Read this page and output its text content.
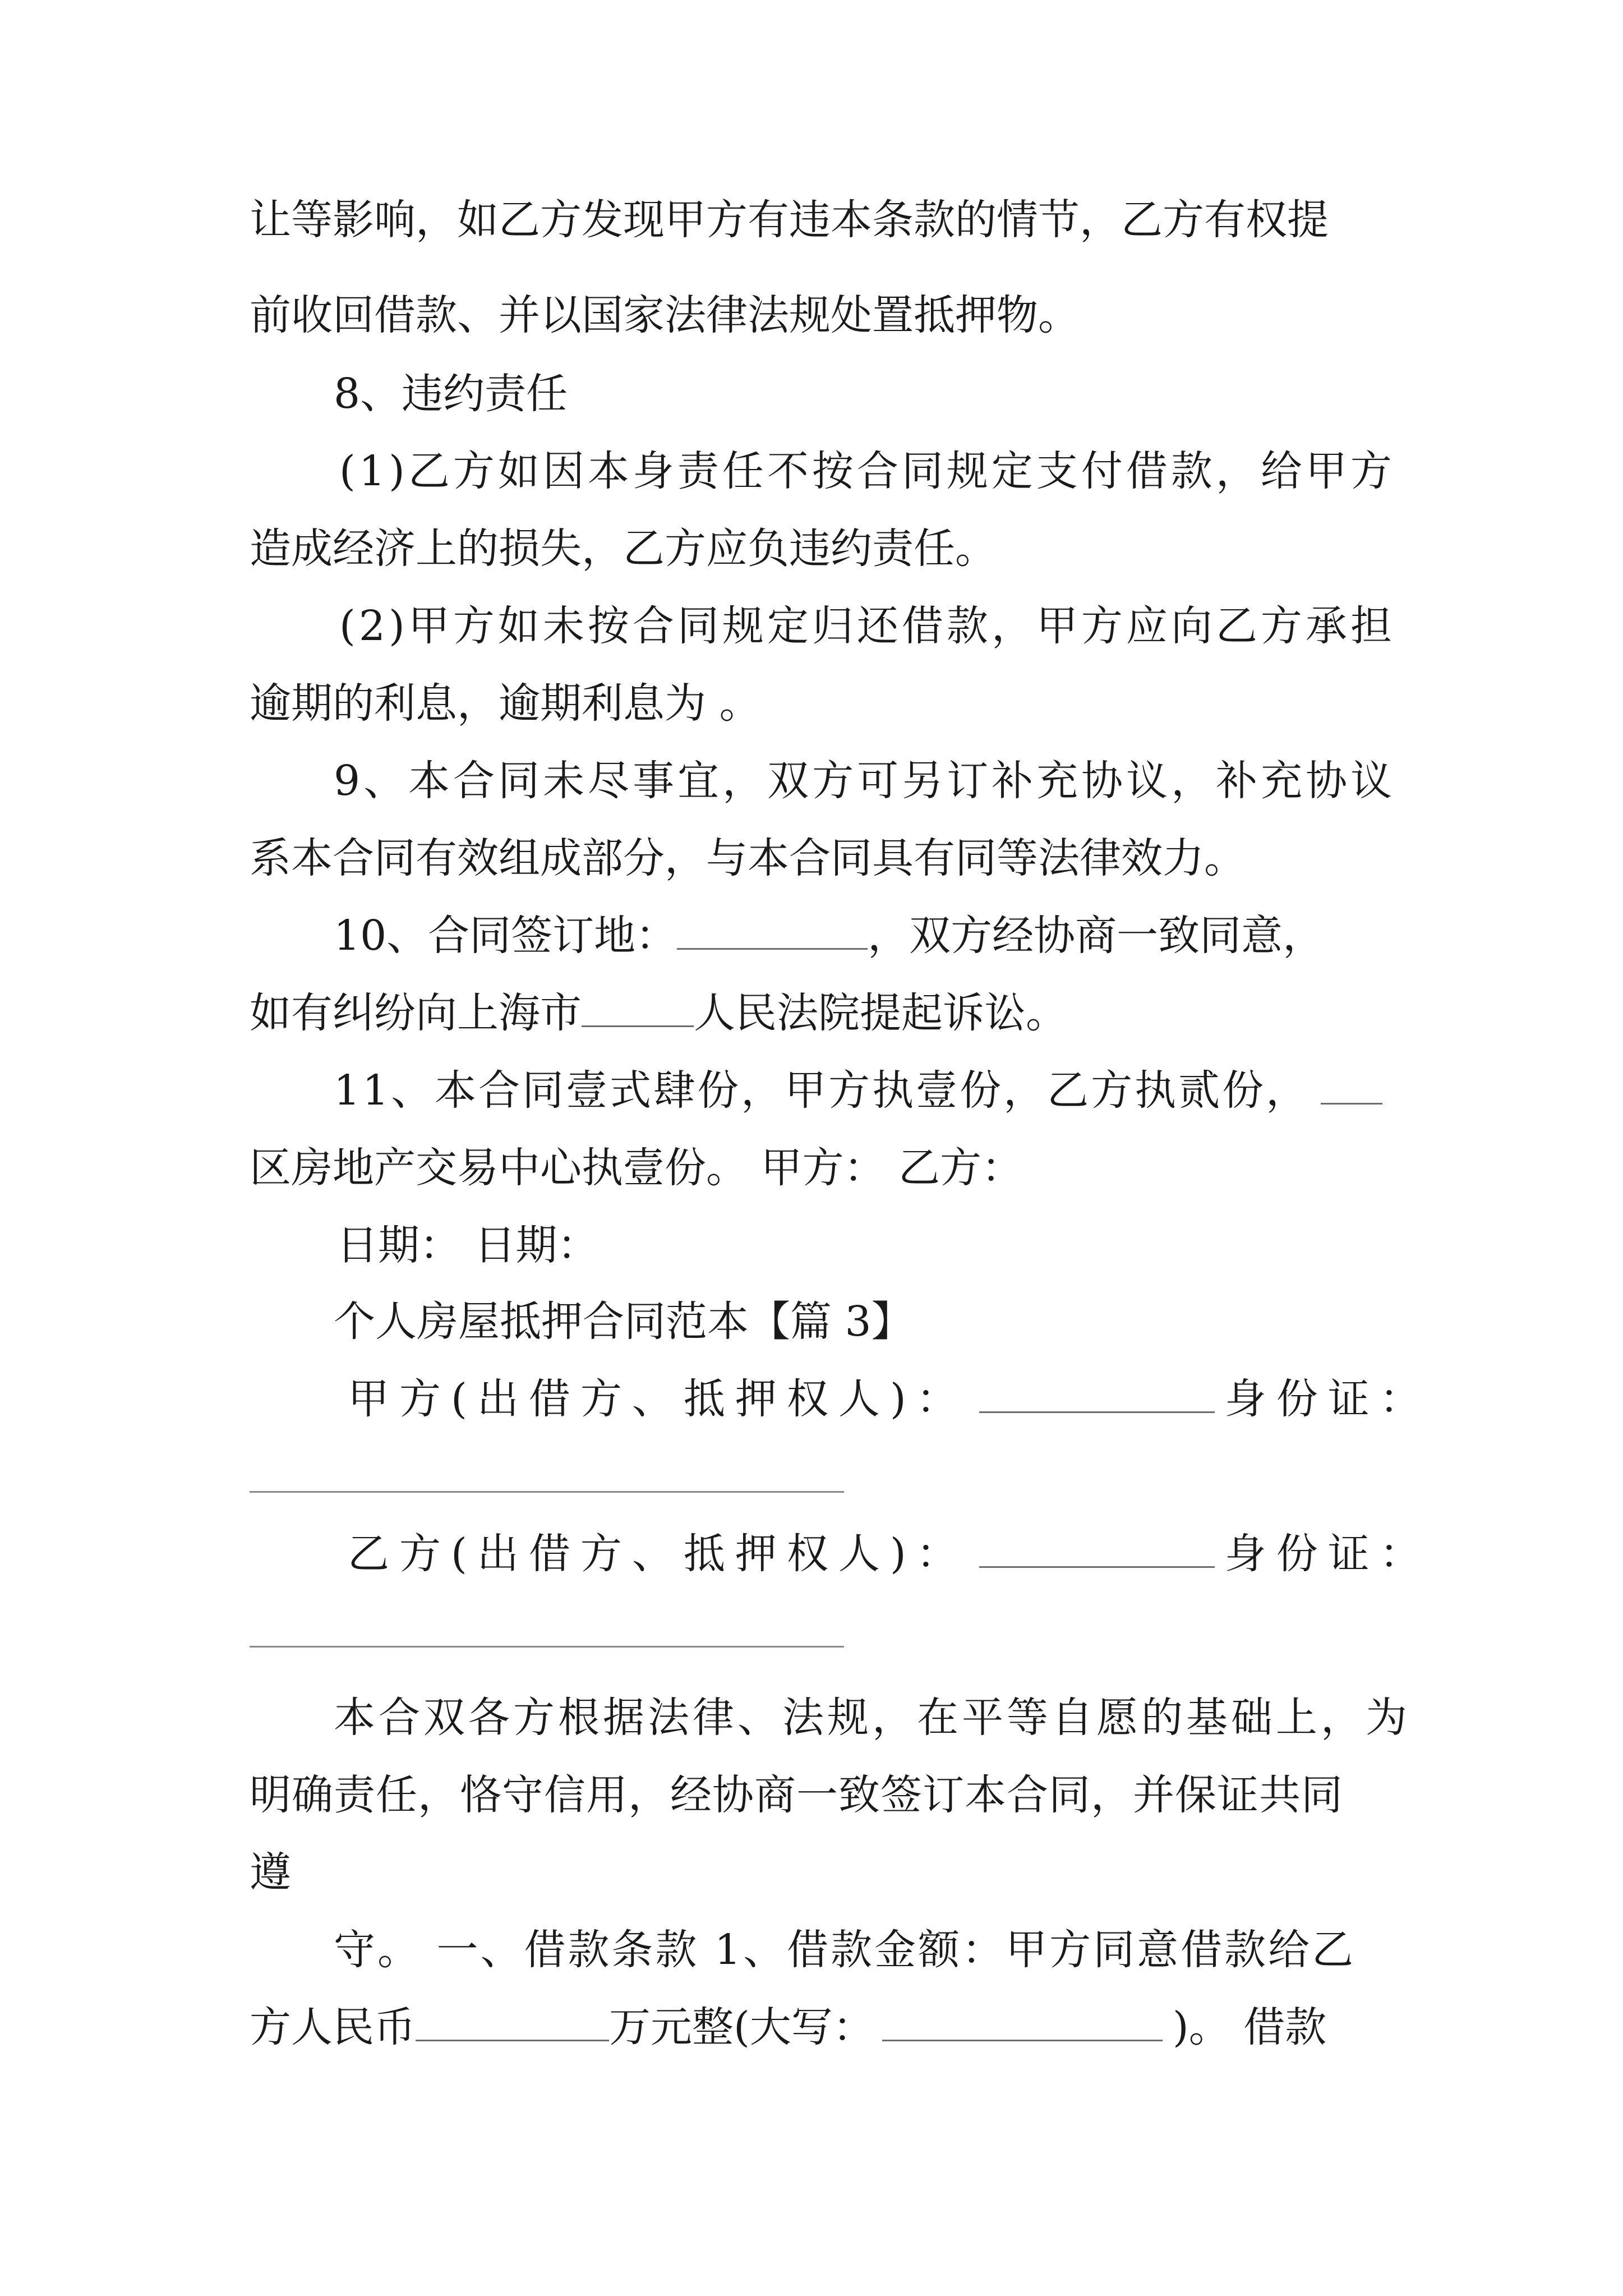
让等影响，如乙方发现甲方有违本条款的情节，乙方有权提
前收回借款、并以国家法律法规处置抵押物。
8、违约责任
(1)乙方如因本身责任不按合同规定支付借款，给甲方
造成经济上的损失，乙方应负违约责任。
(2)甲方如未按合同规定归还借款，甲方应向乙方承担
逾期的利息，逾期利息为 。
9、本合同未尽事宜，双方可另订补充协议，补充协议
系本合同有效组成部分，与本合同具有同等法律效力。
10、合同签订地：	，双方经协商一致同意，
如有纠纷向上海市	人民法院提起诉讼。
11、本合同壹式肆份，甲方执壹份，乙方执贰份，
区房地产交易中心执壹份。 甲方： 乙方：
日期： 日期：
个人房屋抵押合同范本【篇 3】
甲方(出借方、抵押权人)：	身份证：
乙方(出借方、抵押权人)：	身份证：
本合双各方根据法律、法规，在平等自愿的基础上，为
明确责任，恪守信用，经协商一致签订本合同，并保证共同
遵
守。 一、借款条款 1、借款金额：甲方同意借款给乙
方人民币	万元整(大写：	)。 借款
